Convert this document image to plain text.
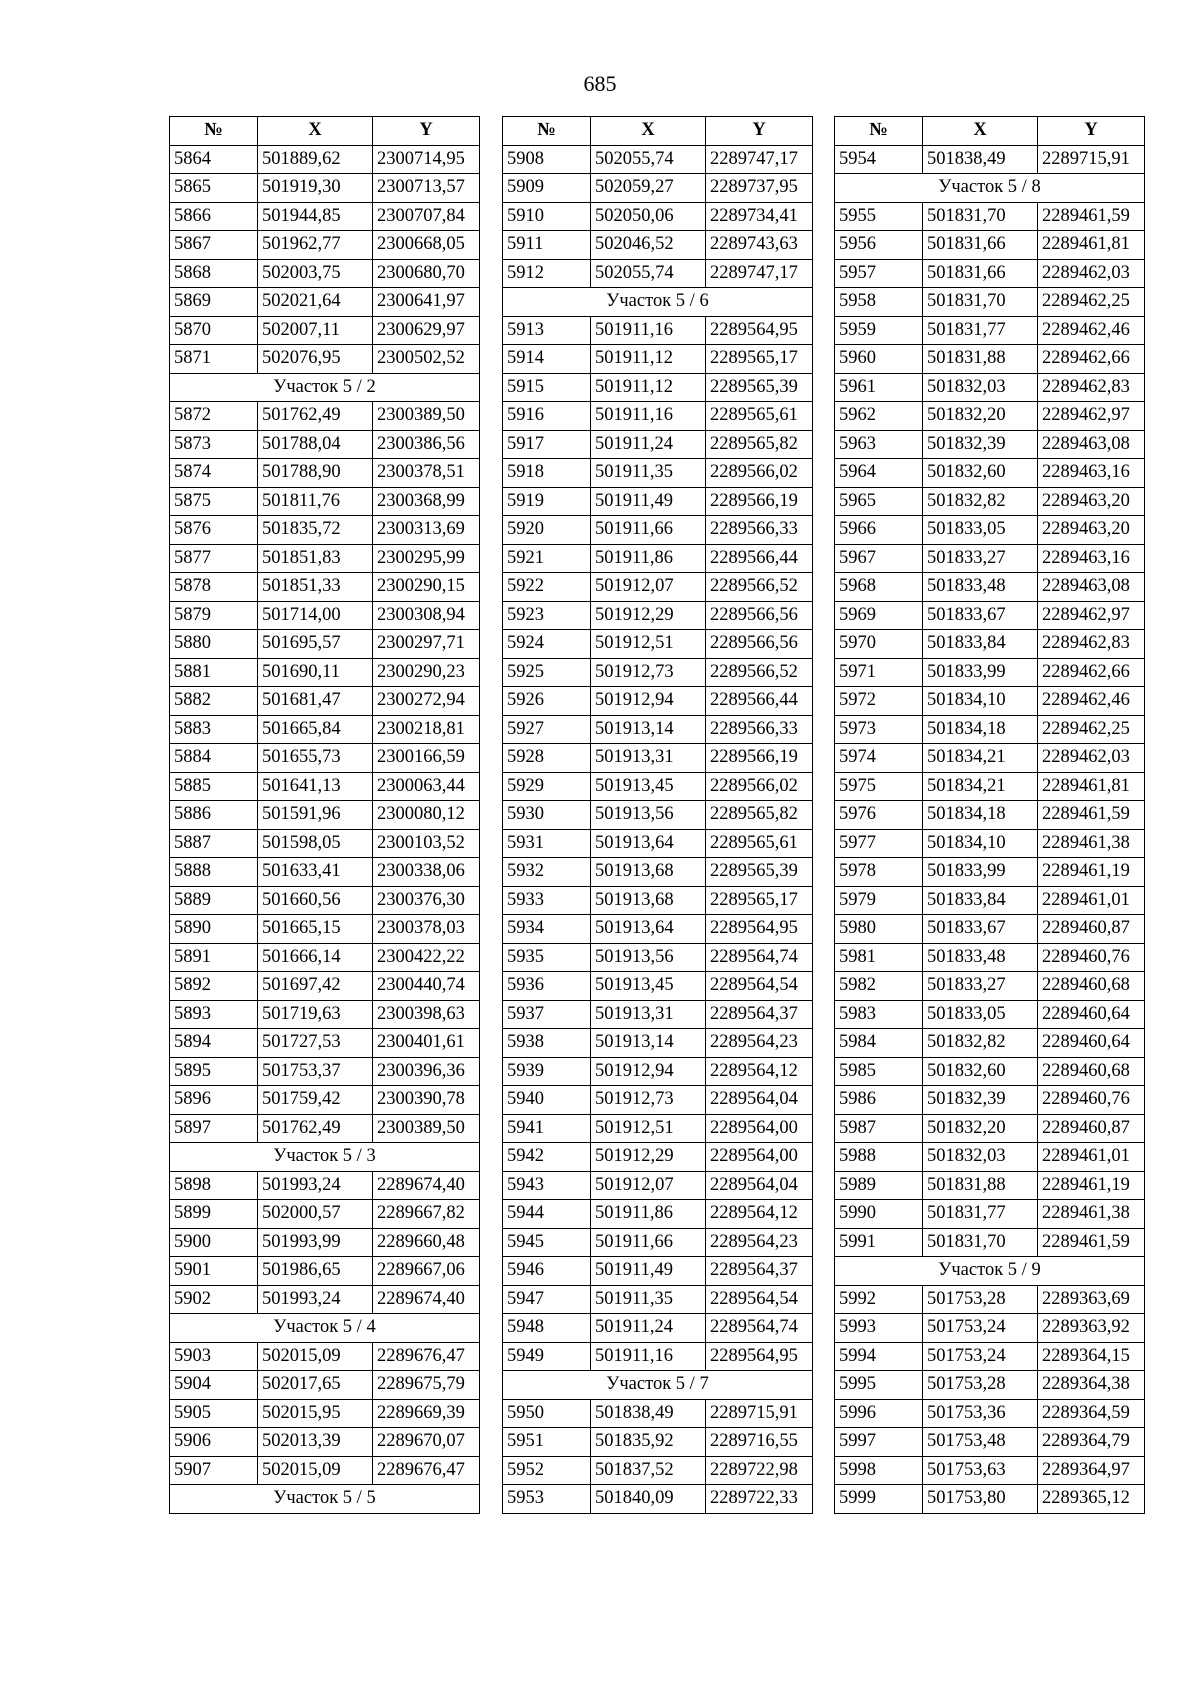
685
№	X	Y
5864	501889,62	2300714,95
5865	501919,30	2300713,57
5866	501944,85	2300707,84
5867	501962,77	2300668,05
5868	502003,75	2300680,70
5869	502021,64	2300641,97
5870	502007,11	2300629,97
5871	502076,95	2300502,52
Участок 5 / 2		
5872	501762,49	2300389,50
5873	501788,04	2300386,56
5874	501788,90	2300378,51
5875	501811,76	2300368,99
5876	501835,72	2300313,69
5877	501851,83	2300295,99
5878	501851,33	2300290,15
5879	501714,00	2300308,94
5880	501695,57	2300297,71
5881	501690,11	2300290,23
5882	501681,47	2300272,94
5883	501665,84	2300218,81
5884	501655,73	2300166,59
5885	501641,13	2300063,44
5886	501591,96	2300080,12
5887	501598,05	2300103,52
5888	501633,41	2300338,06
5889	501660,56	2300376,30
5890	501665,15	2300378,03
5891	501666,14	2300422,22
5892	501697,42	2300440,74
5893	501719,63	2300398,63
5894	501727,53	2300401,61
5895	501753,37	2300396,36
5896	501759,42	2300390,78
5897	501762,49	2300389,50
Участок 5 / 3		
5898	501993,24	2289674,40
5899	502000,57	2289667,82
5900	501993,99	2289660,48
5901	501986,65	2289667,06
5902	501993,24	2289674,40
Участок 5 / 4		
5903	502015,09	2289676,47
5904	502017,65	2289675,79
5905	502015,95	2289669,39
5906	502013,39	2289670,07
5907	502015,09	2289676,47
Участок 5 / 5		
№	X	Y
5908	502055,74	2289747,17
5909	502059,27	2289737,95
5910	502050,06	2289734,41
5911	502046,52	2289743,63
5912	502055,74	2289747,17
Участок 5 / 6		
5913	501911,16	2289564,95
5914	501911,12	2289565,17
5915	501911,12	2289565,39
5916	501911,16	2289565,61
5917	501911,24	2289565,82
5918	501911,35	2289566,02
5919	501911,49	2289566,19
5920	501911,66	2289566,33
5921	501911,86	2289566,44
5922	501912,07	2289566,52
5923	501912,29	2289566,56
5924	501912,51	2289566,56
5925	501912,73	2289566,52
5926	501912,94	2289566,44
5927	501913,14	2289566,33
5928	501913,31	2289566,19
5929	501913,45	2289566,02
5930	501913,56	2289565,82
5931	501913,64	2289565,61
5932	501913,68	2289565,39
5933	501913,68	2289565,17
5934	501913,64	2289564,95
5935	501913,56	2289564,74
5936	501913,45	2289564,54
5937	501913,31	2289564,37
5938	501913,14	2289564,23
5939	501912,94	2289564,12
5940	501912,73	2289564,04
5941	501912,51	2289564,00
5942	501912,29	2289564,00
5943	501912,07	2289564,04
5944	501911,86	2289564,12
5945	501911,66	2289564,23
5946	501911,49	2289564,37
5947	501911,35	2289564,54
5948	501911,24	2289564,74
5949	501911,16	2289564,95
Участок 5 / 7		
5950	501838,49	2289715,91
5951	501835,92	2289716,55
5952	501837,52	2289722,98
5953	501840,09	2289722,33
№	X	Y
5954	501838,49	2289715,91
Участок 5 / 8		
5955	501831,70	2289461,59
5956	501831,66	2289461,81
5957	501831,66	2289462,03
5958	501831,70	2289462,25
5959	501831,77	2289462,46
5960	501831,88	2289462,66
5961	501832,03	2289462,83
5962	501832,20	2289462,97
5963	501832,39	2289463,08
5964	501832,60	2289463,16
5965	501832,82	2289463,20
5966	501833,05	2289463,20
5967	501833,27	2289463,16
5968	501833,48	2289463,08
5969	501833,67	2289462,97
5970	501833,84	2289462,83
5971	501833,99	2289462,66
5972	501834,10	2289462,46
5973	501834,18	2289462,25
5974	501834,21	2289462,03
5975	501834,21	2289461,81
5976	501834,18	2289461,59
5977	501834,10	2289461,38
5978	501833,99	2289461,19
5979	501833,84	2289461,01
5980	501833,67	2289460,87
5981	501833,48	2289460,76
5982	501833,27	2289460,68
5983	501833,05	2289460,64
5984	501832,82	2289460,64
5985	501832,60	2289460,68
5986	501832,39	2289460,76
5987	501832,20	2289460,87
5988	501832,03	2289461,01
5989	501831,88	2289461,19
5990	501831,77	2289461,38
5991	501831,70	2289461,59
Участок 5 / 9		
5992	501753,28	2289363,69
5993	501753,24	2289363,92
5994	501753,24	2289364,15
5995	501753,28	2289364,38
5996	501753,36	2289364,59
5997	501753,48	2289364,79
5998	501753,63	2289364,97
5999	501753,80	2289365,12
